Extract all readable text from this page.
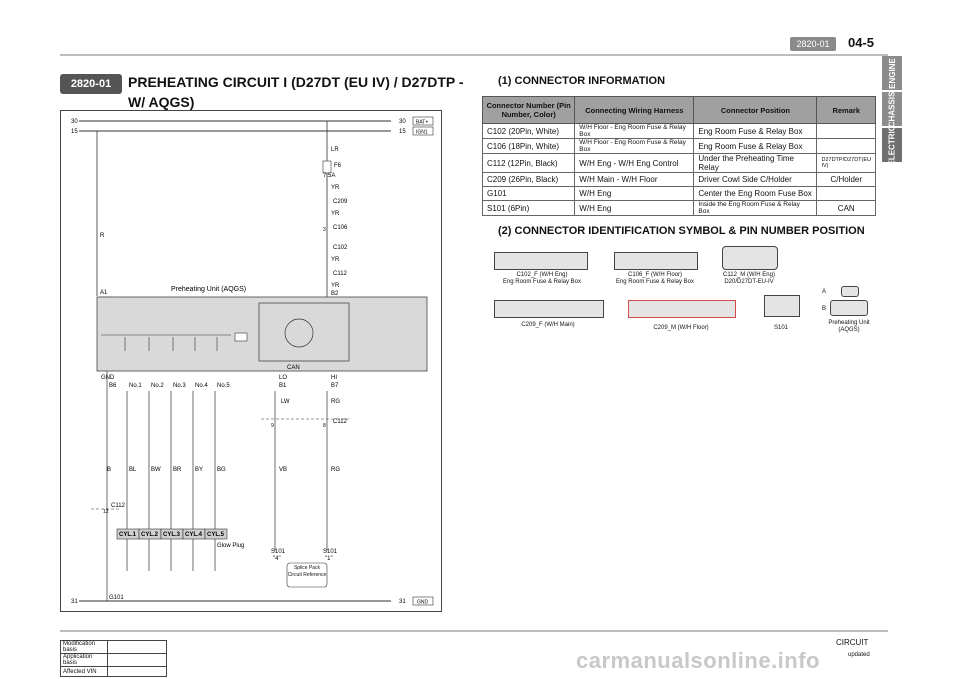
2820-01	04-5
ENGINE
CHASSIS
ELECTRIC
2820-01	PREHEATING CIRCUIT I (D27DT (EU IV) / D27DTP - W/ AQGS)
30
15
31
30
15
31
BAT+
IGN1
GND
LR
F6
7.5A
YR
C209
YR
C106
3
C102
YR
C112
YR
B2
R
A1	Preheating Unit (AQGS)
CAN
GND
B6 No.1 No.2 No.3 No.4 No.5
LO
B1
HI
B7
LW	RG
9	8
C112
B	BL BW BR BY BG	VB	RG
12
C112
CYL.1 CYL.2 CYL.3 CYL.4 CYL.5
Glow Plug
S101
"4"
S101
"1"
Splice Pack Circuit Reference
G101
(1) CONNECTOR INFORMATION
Connector Number (Pin Number, Color)	Connecting Wiring Harness	Connector Position	Remark
C102 (20Pin, White)	W/H Floor - Eng Room Fuse & Relay Box	Eng Room Fuse & Relay Box	
C106 (18Pin, White)	W/H Floor - Eng Room Fuse & Relay Box	Eng Room Fuse & Relay Box	
C112 (12Pin, Black)	W/H Eng - W/H Eng Control	Under the Preheating Time Relay	D27DTP/D27DT(EU IV)
C209 (26Pin, Black)	W/H Main - W/H Floor	Driver Cowl Side C/Holder	C/Holder
G101	W/H Eng	Center the Eng Room Fuse Box	
S101 (6Pin)	W/H Eng	Inside the Eng Room Fuse & Relay Box	CAN
(2) CONNECTOR IDENTIFICATION SYMBOL & PIN NUMBER POSITION
C102_F (W/H Eng)
Eng Room Fuse & Relay Box
C106_F (W/H Floor)
Eng Room Fuse & Relay Box
C112_M (W/H Eng)
D20/D27DT-EU-IV
C209_F (W/H Main)	C209_M (W/H Floor)	S101
A
B
Preheating Unit
(AQGS)
Modification basis	
Application basis	
Affected VIN	
CIRCUIT
updated
carmanualsonline.info
